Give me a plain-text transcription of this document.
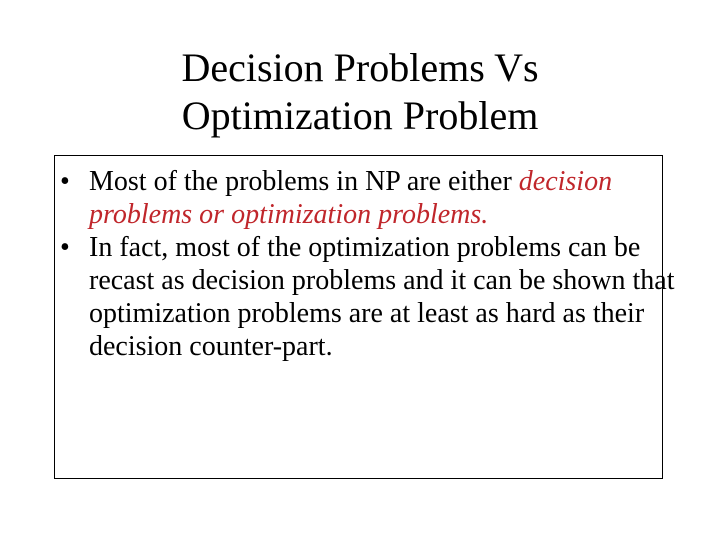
Decision Problems Vs
Optimization Problem
• Most of the problems in NP are either decision problems or optimization problems.
• In fact, most of the optimization problems can be recast as decision problems and it can be shown that optimization problems are at least as hard as their decision counter-part.
